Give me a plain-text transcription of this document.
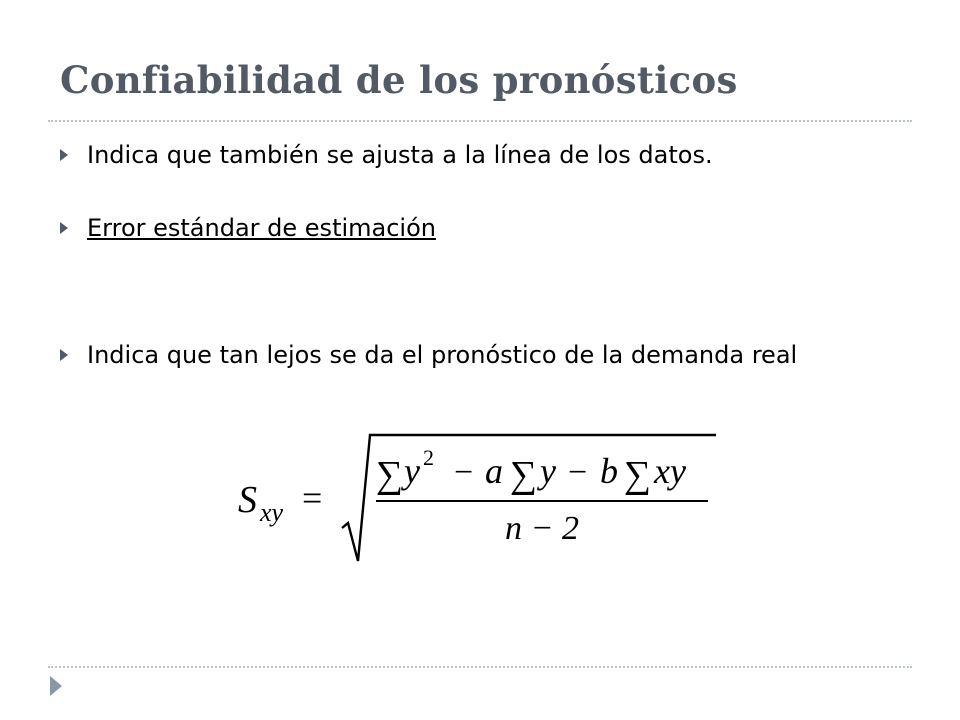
Confiabilidad de los pronósticos
Indica que también se ajusta a la línea de los datos.
Error estándar de estimación
Indica que tan lejos se da el pronóstico de la demanda real
S xy =
∑ y 2 − a ∑ y − b ∑ xy
n − 2
